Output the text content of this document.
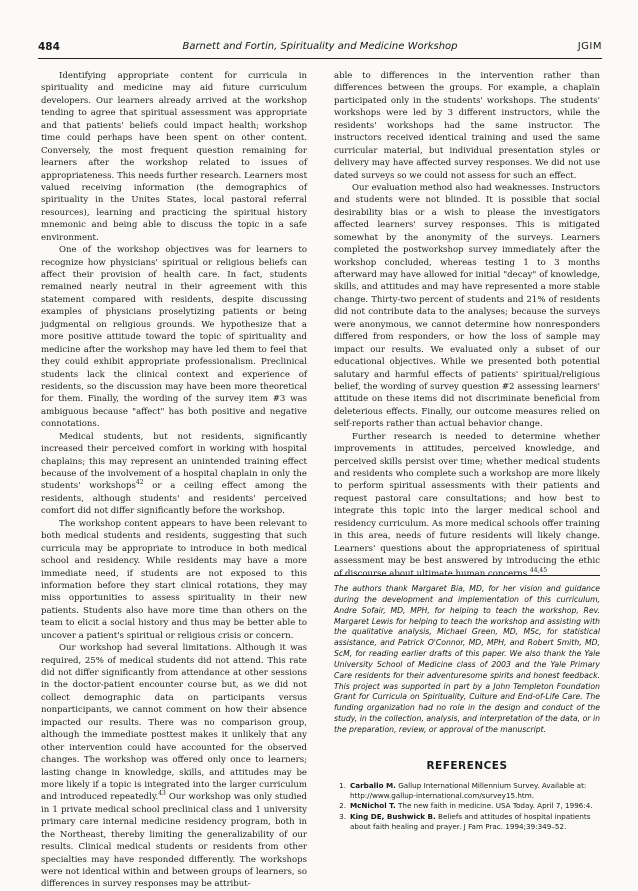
484	Barnett and Fortin, Spirituality and Medicine Workshop	JGIM

Identifying appropriate content for curricula in spirituality and medicine may aid future curriculum developers. Our learners already arrived at the workshop tending to agree that spiritual assessment was appropriate and that patients' beliefs could impact health; workshop time could perhaps have been spent on other content. Conversely, the most frequent question remaining for learners after the workshop related to issues of appropriateness. This needs further research. Learners most valued receiving information (the demographics of spirituality in the Unites States, local pastoral referral resources), learning and practicing the spiritual history mnemonic and being able to discuss the topic in a safe environment.

One of the workshop objectives was for learners to recognize how physicians' spiritual or religious beliefs can affect their provision of health care. In fact, students remained nearly neutral in their agreement with this statement compared with residents, despite discussing examples of physicians proselytizing patients or being judgmental on religious grounds. We hypothesize that a more positive attitude toward the topic of spirituality and medicine after the workshop may have led them to feel that they could exhibit appropriate professionalism. Preclinical students lack the clinical context and experience of residents, so the discussion may have been more theoretical for them. Finally, the wording of the survey item #3 was ambiguous because "affect" has both positive and negative connotations.

Medical students, but not residents, significantly increased their perceived comfort in working with hospital chaplains; this may represent an unintended training effect because of the involvement of a hospital chaplain in only the students' workshops$^{42}$ or a ceiling effect among the residents, although students' and residents' perceived comfort did not differ significantly before the workshop.

The workshop content appears to have been relevant to both medical students and residents, suggesting that such curricula may be appropriate to introduce in both medical school and residency. While residents may have a more immediate need, if students are not exposed to this information before they start clinical rotations, they may miss opportunities to assess spirituality in their new patients. Students also have more time than others on the team to elicit a social history and thus may be better able to uncover a patient's spiritual or religious crisis or concern.

Our workshop had several limitations. Although it was required, 25% of medical students did not attend. This rate did not differ significantly from attendance at other sessions in the doctor-patient encounter course but, as we did not collect demographic data on participants versus nonparticipants, we cannot comment on how their absence impacted our results. There was no comparison group, although the immediate posttest makes it unlikely that any other intervention could have accounted for the observed changes. The workshop was offered only once to learners; lasting change in knowledge, skills, and attitudes may be more likely if a topic is integrated into the larger curriculum and introduced repeatedly.$^{43}$ Our workshop was only studied in 1 private medical school preclinical class and 1 university primary care internal medicine residency program, both in the Northeast, thereby limiting the generalizability of our results. Clinical medical students or residents from other specialties may have responded differently. The workshops were not identical within and between groups of learners, so differences in survey responses may be attribut-

able to differences in the intervention rather than differences between the groups. For example, a chaplain participated only in the students' workshops. The students' workshops were led by 3 different instructors, while the residents' workshops had the same instructor. The instructors received identical training and used the same curricular material, but individual presentation styles or delivery may have affected survey responses. We did not use dated surveys so we could not assess for such an effect.

Our evaluation method also had weaknesses. Instructors and students were not blinded. It is possible that social desirability bias or a wish to please the investigators affected learners' survey responses. This is mitigated somewhat by the anonymity of the surveys. Learners completed the postworkshop survey immediately after the workshop concluded, whereas testing 1 to 3 months afterward may have allowed for initial "decay" of knowledge, skills, and attitudes and may have represented a more stable change. Thirty-two percent of students and 21% of residents did not contribute data to the analyses; because the surveys were anonymous, we cannot determine how nonresponders differed from responders, or how the loss of sample may impact our results. We evaluated only a subset of our educational objectives. While we presented both potential salutary and harmful effects of patients' spiritual/religious belief, the wording of survey question #2 assessing learners' attitude on these items did not discriminate beneficial from deleterious effects. Finally, our outcome measures relied on self-reports rather than actual behavior change.

Further research is needed to determine whether improvements in attitudes, perceived knowledge, and perceived skills persist over time; whether medical students and residents who complete such a workshop are more likely to perform spiritual assessments with their patients and request pastoral care consultations; and how best to integrate this topic into the larger medical school and residency curriculum. As more medical schools offer training in this area, needs of future residents will likely change. Learners' questions about the appropriateness of spiritual assessment may be best answered by introducing the ethic of discourse about ultimate human concerns.$^{44,45}$

The authors thank Margaret Bia, MD, for her vision and guidance during the development and implementation of this curriculum, Andre Sofair, MD, MPH, for helping to teach the workshop, Rev. Margaret Lewis for helping to teach the workshop and assisting with the qualitative analysis, Michael Green, MD, MSc, for statistical assistance, and Patrick O'Connor, MD, MPH, and Robert Smith, MD, ScM, for reading earlier drafts of this paper. We also thank the Yale University School of Medicine class of 2003 and the Yale Primary Care residents for their adventuresome spirits and honest feedback. This project was supported in part by a John Templeton Foundation Grant for Curricula on Spirituality, Culture and End-of-Life Care. The funding organization had no role in the design and conduct of the study, in the collection, analysis, and interpretation of the data, or in the preparation, review, or approval of the manuscript.

REFERENCES
1. Carballo M. Gallup International Millennium Survey. Available at: http://www.gallup-international.com/survey15.htm.
2. McNichol T. The new faith in medicine. USA Today. April 7, 1996:4.
3. King DE, Bushwick B. Beliefs and attitudes of hospital inpatients about faith healing and prayer. J Fam Prac. 1994;39:349–52.
